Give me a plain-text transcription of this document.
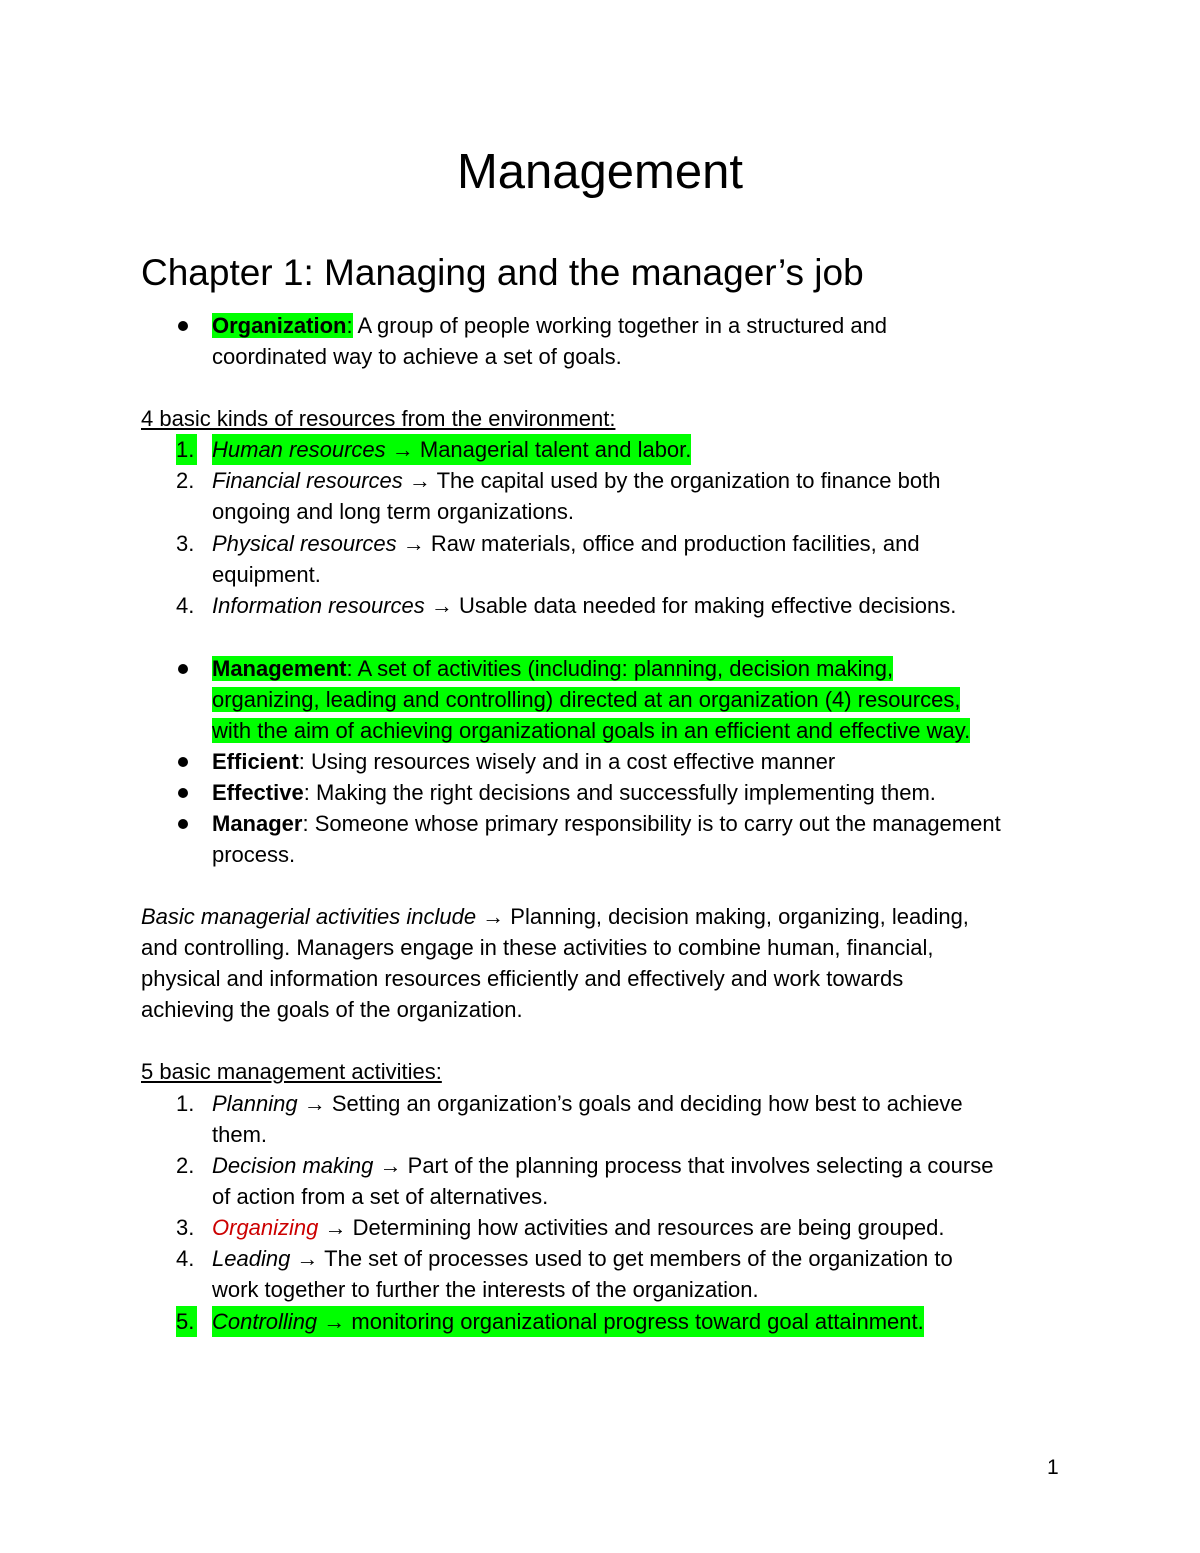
Management
Chapter 1: Managing and the manager’s job
Organization: A group of people working together in a structured and
coordinated way to achieve a set of goals.
4 basic kinds of resources from the environment:
1. Human resources → Managerial talent and labor.
2. Financial resources → The capital used by the organization to finance both
ongoing and long term organizations.
3. Physical resources → Raw materials, office and production facilities, and
equipment.
4. Information resources → Usable data needed for making effective decisions.
Management: A set of activities (including: planning, decision making,
organizing, leading and controlling) directed at an organization (4) resources,
with the aim of achieving organizational goals in an efficient and effective way.
Efficient: Using resources wisely and in a cost effective manner
Effective: Making the right decisions and successfully implementing them.
Manager: Someone whose primary responsibility is to carry out the management
process.
Basic managerial activities include → Planning, decision making, organizing, leading,
and controlling. Managers engage in these activities to combine human, financial,
physical and information resources efficiently and effectively and work towards
achieving the goals of the organization.
5 basic management activities:
1. Planning → Setting an organization’s goals and deciding how best to achieve
them.
2. Decision making → Part of the planning process that involves selecting a course
of action from a set of alternatives.
3. Organizing → Determining how activities and resources are being grouped.
4. Leading → The set of processes used to get members of the organization to
work together to further the interests of the organization.
5. Controlling → monitoring organizational progress toward goal attainment.
1
